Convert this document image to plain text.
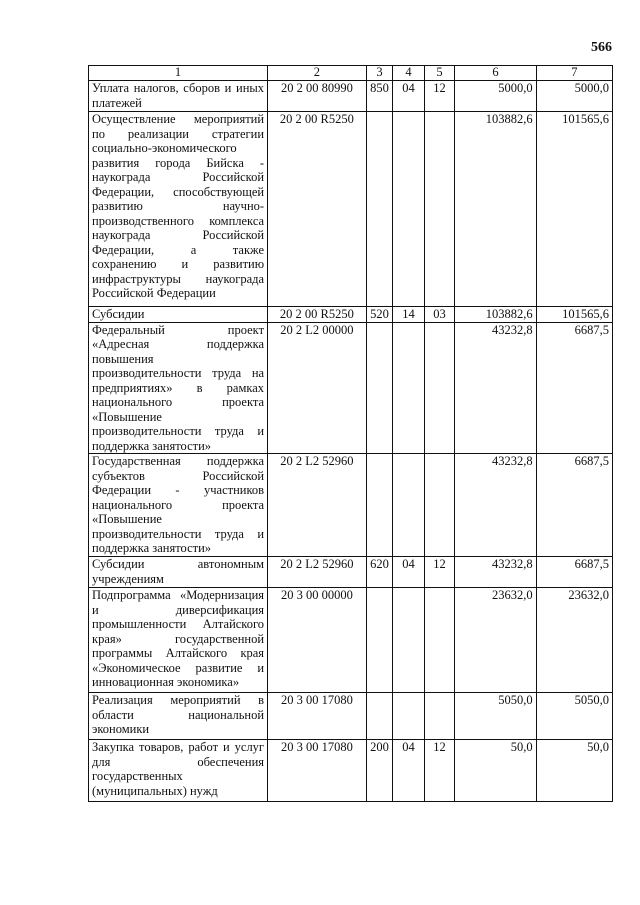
566
1	2	3	4	5	6	7
Уплата налогов, сборов и иных платежей	20 2 00 80990	850	04	12	5000,0	5000,0
Осуществление мероприятий по реализации стратегии социально-экономического развития города Бийска - наукограда Российской Федерации, способствующей развитию научно-производственного комплекса наукограда Российской Федерации, а также сохранению и развитию инфраструктуры наукограда Российской Федерации	20 2 00 R5250				103882,6	101565,6
Субсидии	20 2 00 R5250	520	14	03	103882,6	101565,6
Федеральный проект «Адресная поддержка повышения производительности труда на предприятиях» в рамках национального проекта «Повышение производительности труда и поддержка занятости»	20 2 L2 00000				43232,8	6687,5
Государственная поддержка субъектов Российской Федерации - участников национального проекта «Повышение производительности труда и поддержка занятости»	20 2 L2 52960				43232,8	6687,5
Субсидии автономным учреждениям	20 2 L2 52960	620	04	12	43232,8	6687,5
Подпрограмма «Модернизация и диверсификация промышленности Алтайского края» государственной программы Алтайского края «Экономическое развитие и инновационная экономика»	20 3 00 00000				23632,0	23632,0
Реализация мероприятий в области национальной экономики	20 3 00 17080				5050,0	5050,0
Закупка товаров, работ и услуг для обеспечения государственных (муниципальных) нужд	20 3 00 17080	200	04	12	50,0	50,0
